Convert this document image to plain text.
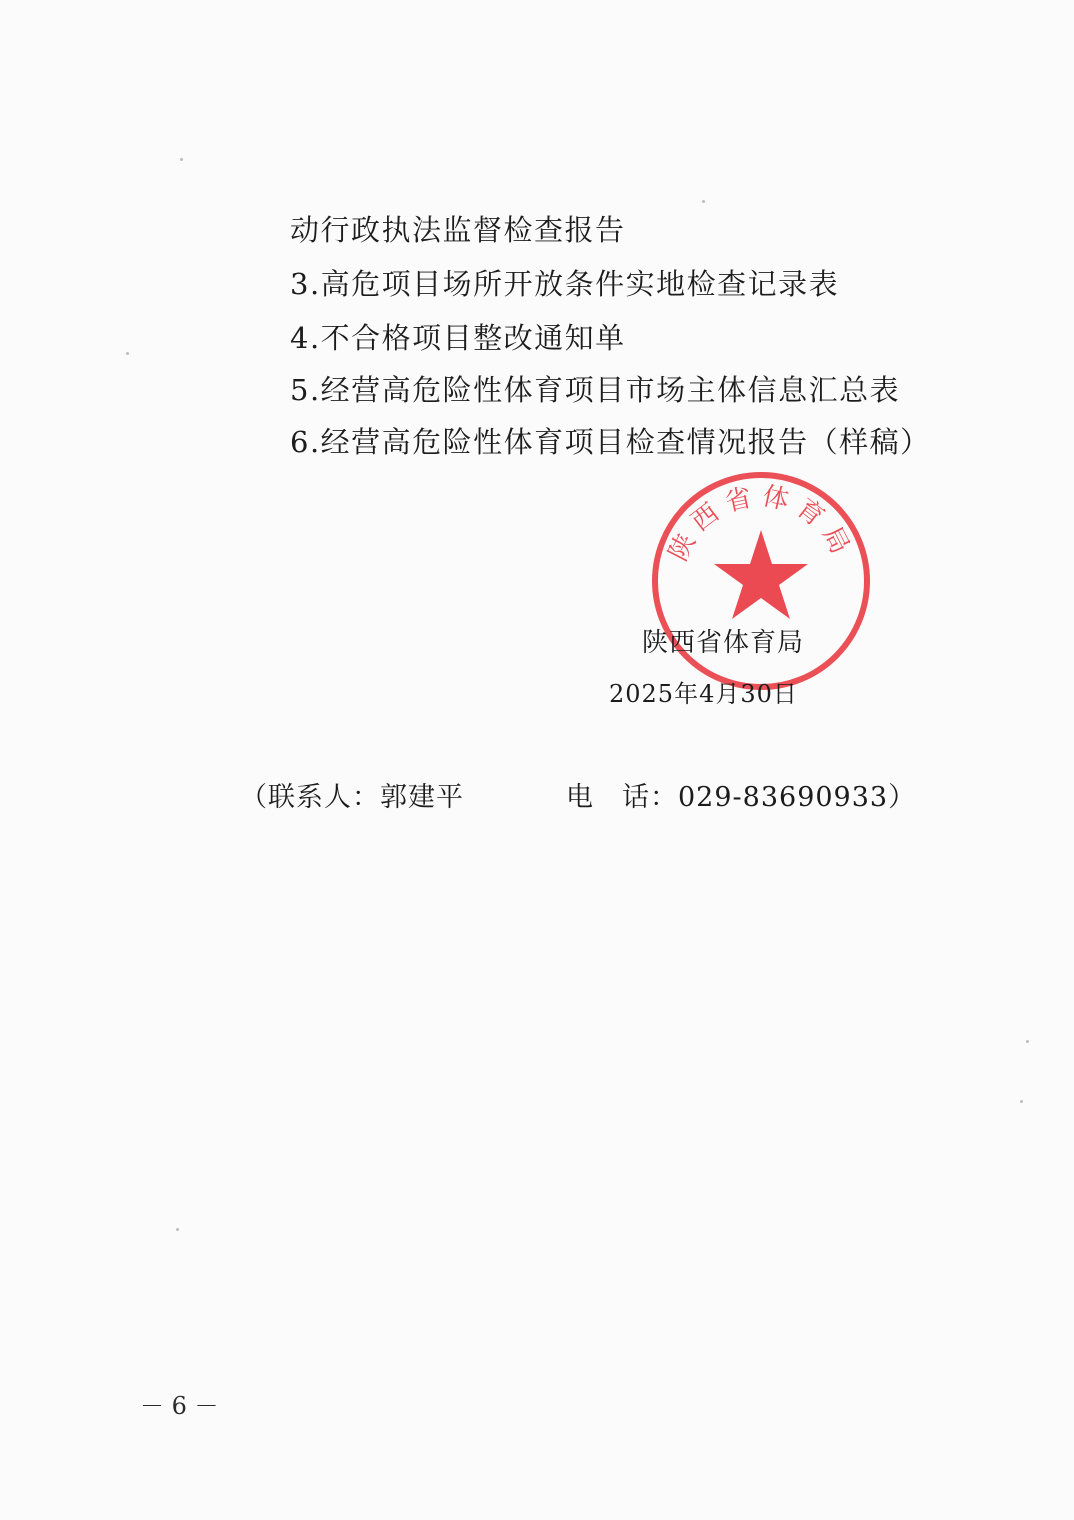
动行政执法监督检查报告
3.高危项目场所开放条件实地检查记录表
4.不合格项目整改通知单
5.经营高危险性体育项目市场主体信息汇总表
6.经营高危险性体育项目检查情况报告（样稿）
陕西省体育局
陕西省体育局
2025年4月30日
（联系人：郭建平	电　话：029-83690933）
－ 6 －
